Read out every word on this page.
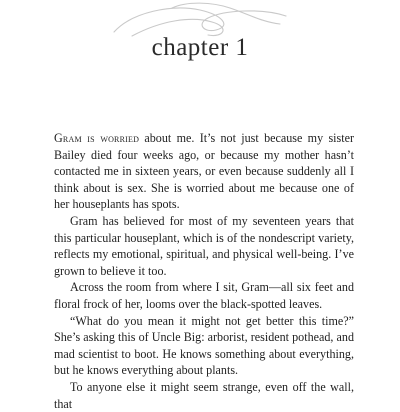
chapter 1

Gram is worried about me. It’s not just because my sister Bailey died four weeks ago, or because my mother hasn’t contacted me in sixteen years, or even because suddenly all I think about is sex. She is worried about me because one of her houseplants has spots.

Gram has believed for most of my seventeen years that this particular houseplant, which is of the nondescript variety, reflects my emotional, spiritual, and physical well-being. I’ve grown to believe it too.

Across the room from where I sit, Gram—all six feet and floral frock of her, looms over the black-spotted leaves.

“What do you mean it might not get better this time?” She’s asking this of Uncle Big: arborist, resident pothead, and mad scientist to boot. He knows something about everything, but he knows everything about plants.

To anyone else it might seem strange, even off the wall, that
